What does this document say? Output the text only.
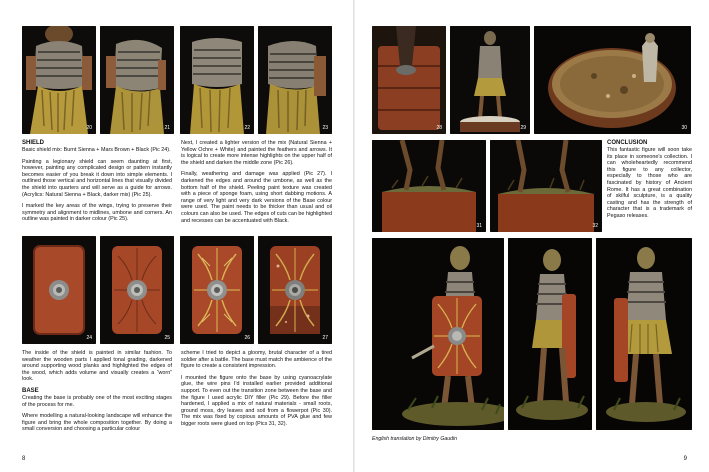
20	21	22	23
SHIELD

Basic shield mix: Burnt Sienna + Mars Brown + Black (Pic 24).

Painting a legionary shield can seem daunting at first, however, painting any complicated design or pattern instantly becomes easier of you break it down into simple elements. I outlined those vertical and horizontal lines that visually divided the shield into quarters and will serve as a guide for arrows. (Acrylics: Natural Sienna + Black, darker mix) (Pic 25).

I marked the key areas of the wings, trying to preserve their symmetry and alignment to midlines, umbone and corners. An outline was painted in darker colour (Pic 25).

Next, I created a lighter version of the mix (Natural Sienna + Yellow Ochre + White) and painted the feathers and arrows. It is logical to create more intense highlights on the upper half of the shield and darken the middle zone (Pic 26).

Finally, weathering and damage was applied (Pic 27). I darkened the edges and around the umbone, as well as the bottom half of the shield. Peeling paint texture was created with a piece of sponge foam, using short dabbing motions. A range of very light and very dark versions of the Base colour were used. The paint needs to be thicker than usual and oil colours can also be used. The edges of cuts can be highlighted and recesses can be accentuated with Black.

24	25	26	27

The inside of the shield is painted in similar fashion. To weather the wooden parts I applied tonal grading, darkened around supporting wood planks and highlighted the edges of the wood, which adds volume and visually creates a “worn” look.

BASE

Creating the base is probably one of the most exciting stages of the process for me.

Where modelling a natural-looking landscape will enhance the figure and bring the whole composition together. By doing a small conversion and choosing a particular colour

scheme I tried to depict a gloomy, brutal character of a tired soldier after a battle. The base must match the ambience of the figure to create a consistent impression.

I mounted the figure onto the base by using cyanoacrylate glue, the wire pins I'd installed earlier provided additional support. To even out the transition zone between the base and the figure I used acrylic DIY filler (Pic 29). Before the filler hardened, I applied a mix of natural materials - small roots, ground moss, dry leaves and soil from a flowerpot (Pic 30). The mix was fixed by copious amounts of PVA glue and few bigger roots were glued on top (Pics 31, 32).

8
28	29	30
31	32
CONCLUSION

This fantastic figure will soon take its place in someone's collection. I can wholeheartedly recommend this figure to any collector, especially to those who are fascinated by history of Ancient Rome. It has a great combination of skilful sculpture, is a quality casting and has the strength of character that is a trademark of Pegaso releases.

English translation by Dimitry Gaudin
9
